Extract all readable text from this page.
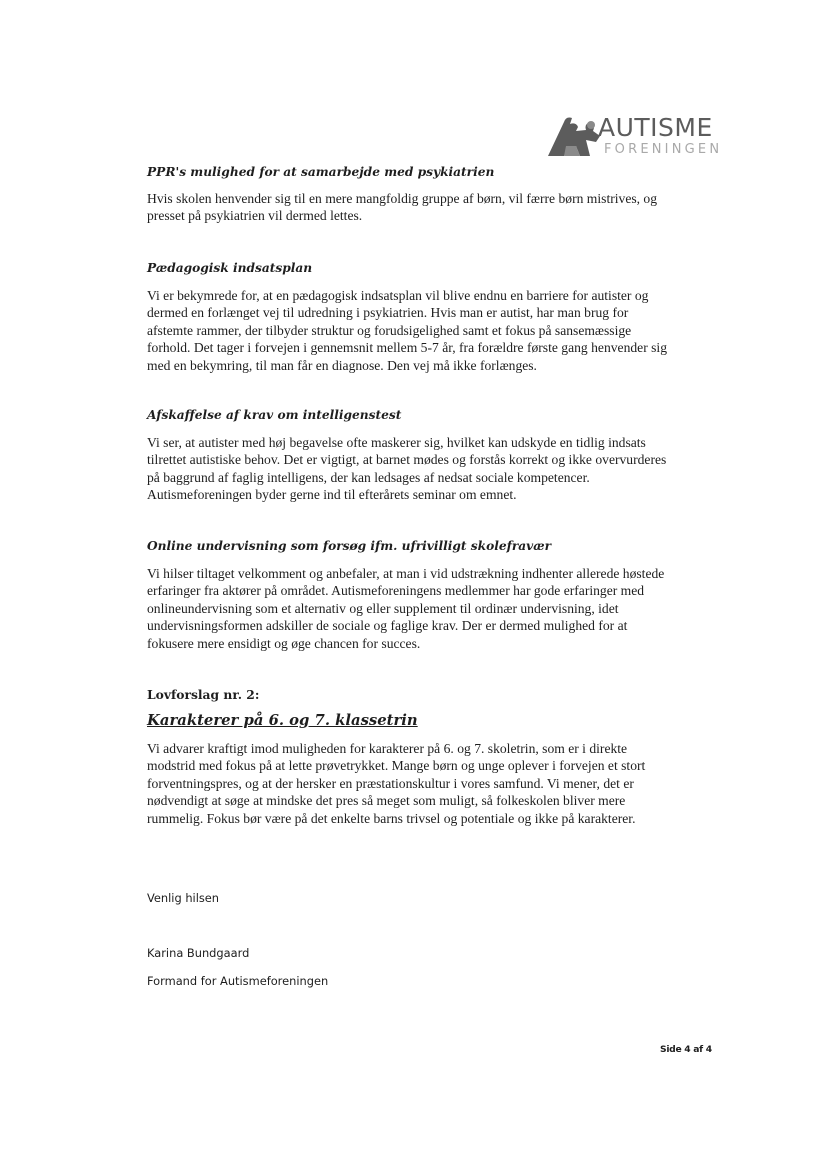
AUTISME
FORENINGEN
PPR's mulighed for at samarbejde med psykiatrien
Hvis skolen henvender sig til en mere mangfoldig gruppe af børn, vil færre børn mistrives, og
presset på psykiatrien vil dermed lettes.
Pædagogisk indsatsplan
Vi er bekymrede for, at en pædagogisk indsatsplan vil blive endnu en barriere for autister og
dermed en forlænget vej til udredning i psykiatrien. Hvis man er autist, har man brug for
afstemte rammer, der tilbyder struktur og forudsigelighed samt et fokus på sansemæssige
forhold. Det tager i forvejen i gennemsnit mellem 5-7 år, fra forældre første gang henvender sig
med en bekymring, til man får en diagnose. Den vej må ikke forlænges.
Afskaffelse af krav om intelligenstest
Vi ser, at autister med høj begavelse ofte maskerer sig, hvilket kan udskyde en tidlig indsats
tilrettet autistiske behov. Det er vigtigt, at barnet mødes og forstås korrekt og ikke overvurderes
på baggrund af faglig intelligens, der kan ledsages af nedsat sociale kompetencer.
Autismeforeningen byder gerne ind til efterårets seminar om emnet.
Online undervisning som forsøg ifm. ufrivilligt skolefravær
Vi hilser tiltaget velkomment og anbefaler, at man i vid udstrækning indhenter allerede høstede
erfaringer fra aktører på området. Autismeforeningens medlemmer har gode erfaringer med
onlineundervisning som et alternativ og eller supplement til ordinær undervisning, idet
undervisningsformen adskiller de sociale og faglige krav. Der er dermed mulighed for at
fokusere mere ensidigt og øge chancen for succes.
Lovforslag nr. 2:
Karakterer på 6. og 7. klassetrin
Vi advarer kraftigt imod muligheden for karakterer på 6. og 7. skoletrin, som er i direkte
modstrid med fokus på at lette prøvetrykket. Mange børn og unge oplever i forvejen et stort
forventningspres, og at der hersker en præstationskultur i vores samfund. Vi mener, det er
nødvendigt at søge at mindske det pres så meget som muligt, så folkeskolen bliver mere
rummelig. Fokus bør være på det enkelte barns trivsel og potentiale og ikke på karakterer.
Venlig hilsen
Karina Bundgaard
Formand for Autismeforeningen
Side 4 af 4
